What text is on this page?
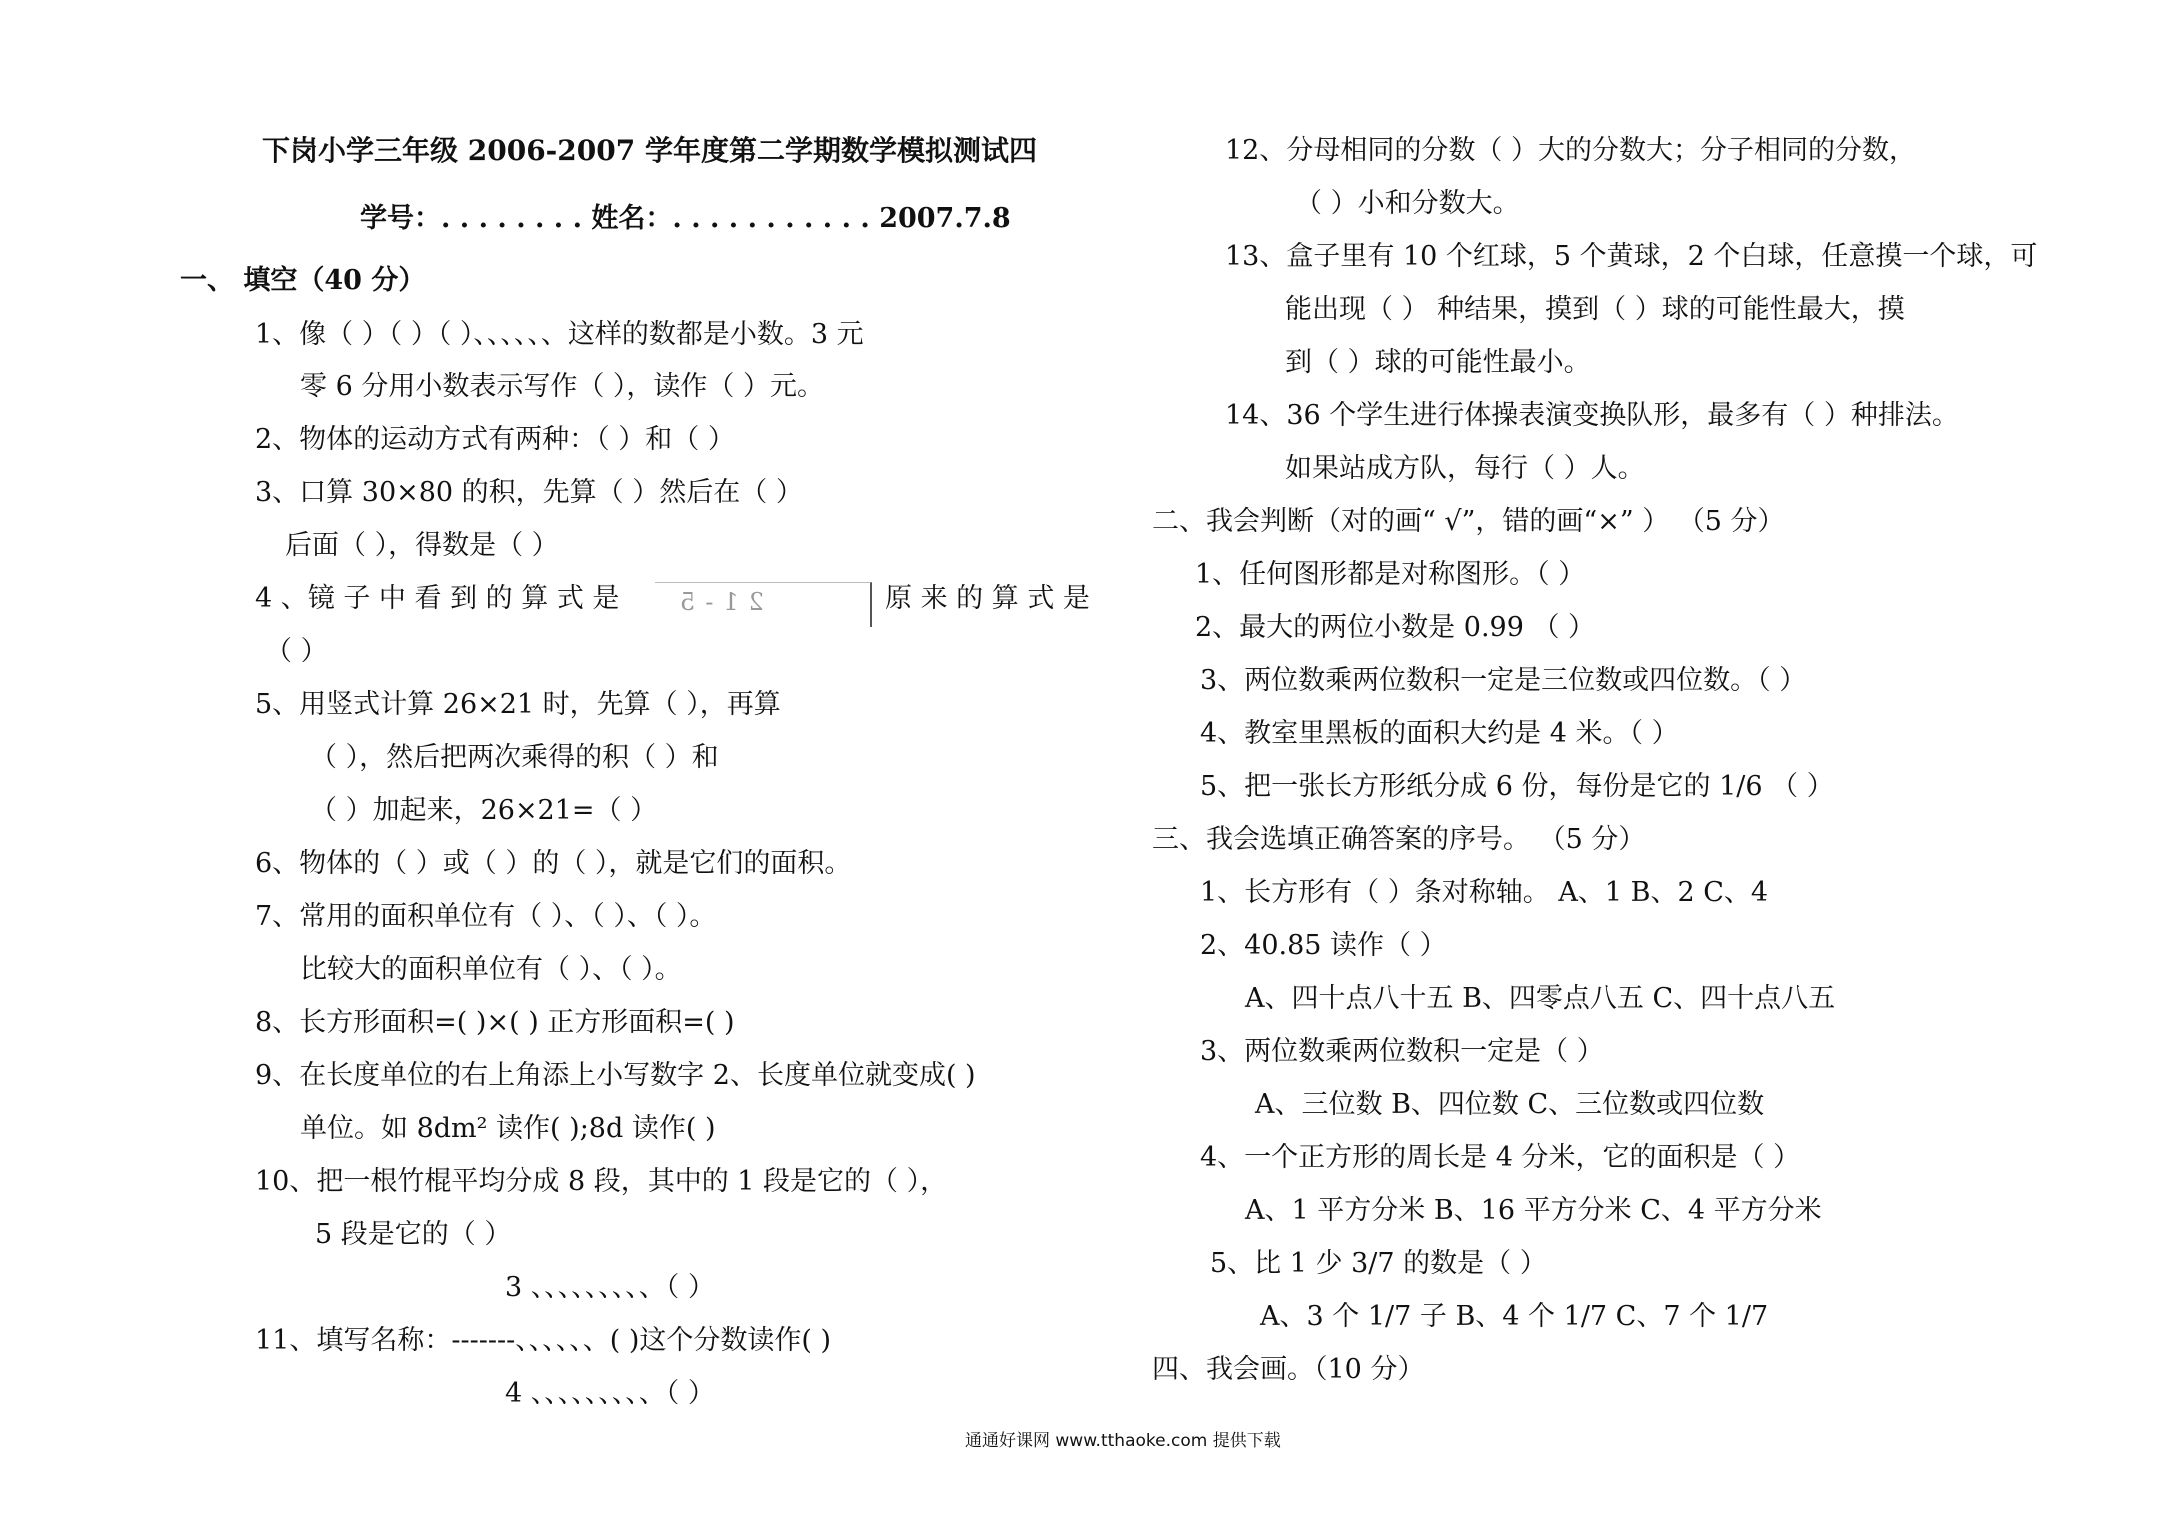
下岗小学三年级 2006-2007 学年度第二学期数学模拟测试四
学号：. . . . . . . . 姓名：. . . . . . . . . . . 2007.7.8
一、 填空（40 分）
1、像（ ）（ ）（ ）、、、、、、这样的数都是小数。3 元
零 6 分用小数表示写作（ ），读作（ ）元。
2、物体的运动方式有两种：（ ）和（ ）
3、口算 30×80 的积，先算（ ）然后在（ ）
后面（ ），得数是（ ）
4 、镜 子 中 看 到 的 算 式 是 21-5	原 来 的 算 式 是
（ ）
5、用竖式计算 26×21 时，先算（ ），再算
（ ），然后把两次乘得的积（ ）和
（ ）加起来，26×21=（ ）
6、物体的（ ）或（ ）的（ ），就是它们的面积。
7、常用的面积单位有（ ）、（ ）、（ ）。
比较大的面积单位有（ ）、（ ）。
8、长方形面积=( )×( ) 正方形面积=( )
9、在长度单位的右上角添上小写数字 2、长度单位就变成( )
单位。如 8dm² 读作( );8d 读作( )
10、把一根竹棍平均分成 8 段，其中的 1 段是它的（ ），
5 段是它的（ ）
3 、、、、、、、、、（ ）
11、填写名称：-------、、、、、、( )这个分数读作( )
4 、、、、、、、、、（ ）
12、分母相同的分数（ ）大的分数大；分子相同的分数，
（ ）小和分数大。
13、盒子里有 10 个红球，5 个黄球，2 个白球，任意摸一个球，可
能出现（ ） 种结果，摸到（ ）球的可能性最大，摸
到（ ）球的可能性最小。
14、36 个学生进行体操表演变换队形，最多有（ ）种排法。
如果站成方队，每行（ ）人。
二、我会判断（对的画“ √”，错的画“×” ） （5 分）
1、任何图形都是对称图形。（ ）
2、最大的两位小数是 0.99 （ ）
3、两位数乘两位数积一定是三位数或四位数。（ ）
4、教室里黑板的面积大约是 4 米。（ ）
5、把一张长方形纸分成 6 份，每份是它的 1/6 （ ）
三、我会选填正确答案的序号。 （5 分）
1、长方形有（ ）条对称轴。 A、1 B、2 C、4
2、40.85 读作（ ）
A、四十点八十五 B、四零点八五 C、四十点八五
3、两位数乘两位数积一定是（ ）
A、三位数 B、四位数 C、三位数或四位数
4、一个正方形的周长是 4 分米，它的面积是（ ）
A、1 平方分米 B、16 平方分米 C、4 平方分米
5、比 1 少 3/7 的数是（ ）
A、3 个 1/7 子 B、4 个 1/7 C、7 个 1/7
四、我会画。（10 分）
通通好课网 www.tthaoke.com 提供下载
